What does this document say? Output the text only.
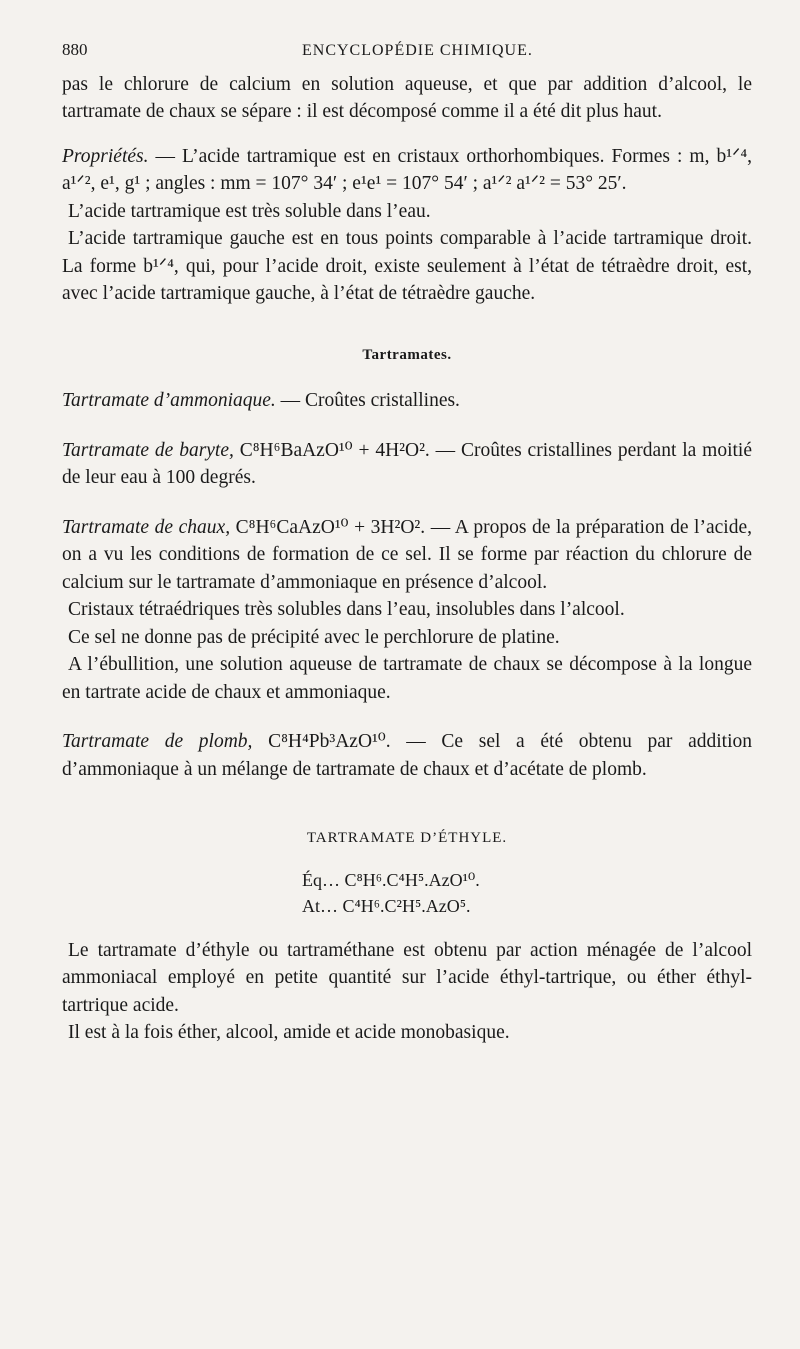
880	ENCYCLOPÉDIE CHIMIQUE.

pas le chlorure de calcium en solution aqueuse, et que par addition d’alcool, le tartramate de chaux se sépare : il est décomposé comme il a été dit plus haut.

Propriétés. — L’acide tartramique est en cristaux orthorhombiques. Formes : m, b¹ᐟ⁴, a¹ᐟ², e¹, g¹ ; angles : mm = 107° 34′ ; e¹e¹ = 107° 54′ ; a¹ᐟ² a¹ᐟ² = 53° 25′.

L’acide tartramique est très soluble dans l’eau.

L’acide tartramique gauche est en tous points comparable à l’acide tartramique droit. La forme b¹ᐟ⁴, qui, pour l’acide droit, existe seulement à l’état de tétraèdre droit, est, avec l’acide tartramique gauche, à l’état de tétraèdre gauche.

Tartramates.

Tartramate d’ammoniaque. — Croûtes cristallines.

Tartramate de baryte, C⁸H⁶BaAzO¹⁰ + 4H²O². — Croûtes cristallines perdant la moitié de leur eau à 100 degrés.

Tartramate de chaux, C⁸H⁶CaAzO¹⁰ + 3H²O². — A propos de la préparation de l’acide, on a vu les conditions de formation de ce sel. Il se forme par réaction du chlorure de calcium sur le tartramate d’ammoniaque en présence d’alcool.

Cristaux tétraédriques très solubles dans l’eau, insolubles dans l’alcool.

Ce sel ne donne pas de précipité avec le perchlorure de platine.

A l’ébullition, une solution aqueuse de tartramate de chaux se décompose à la longue en tartrate acide de chaux et ammoniaque.

Tartramate de plomb, C⁸H⁴Pb³AzO¹⁰. — Ce sel a été obtenu par addition d’ammoniaque à un mélange de tartramate de chaux et d’acétate de plomb.

TARTRAMATE D’ÉTHYLE.
Éq… C⁸H⁶.C⁴H⁵.AzO¹⁰.
At… C⁴H⁶.C²H⁵.AzO⁵.

Le tartramate d’éthyle ou tartraméthane est obtenu par action ménagée de l’alcool ammoniacal employé en petite quantité sur l’acide éthyl-tartrique, ou éther éthyl-tartrique acide.

Il est à la fois éther, alcool, amide et acide monobasique.
